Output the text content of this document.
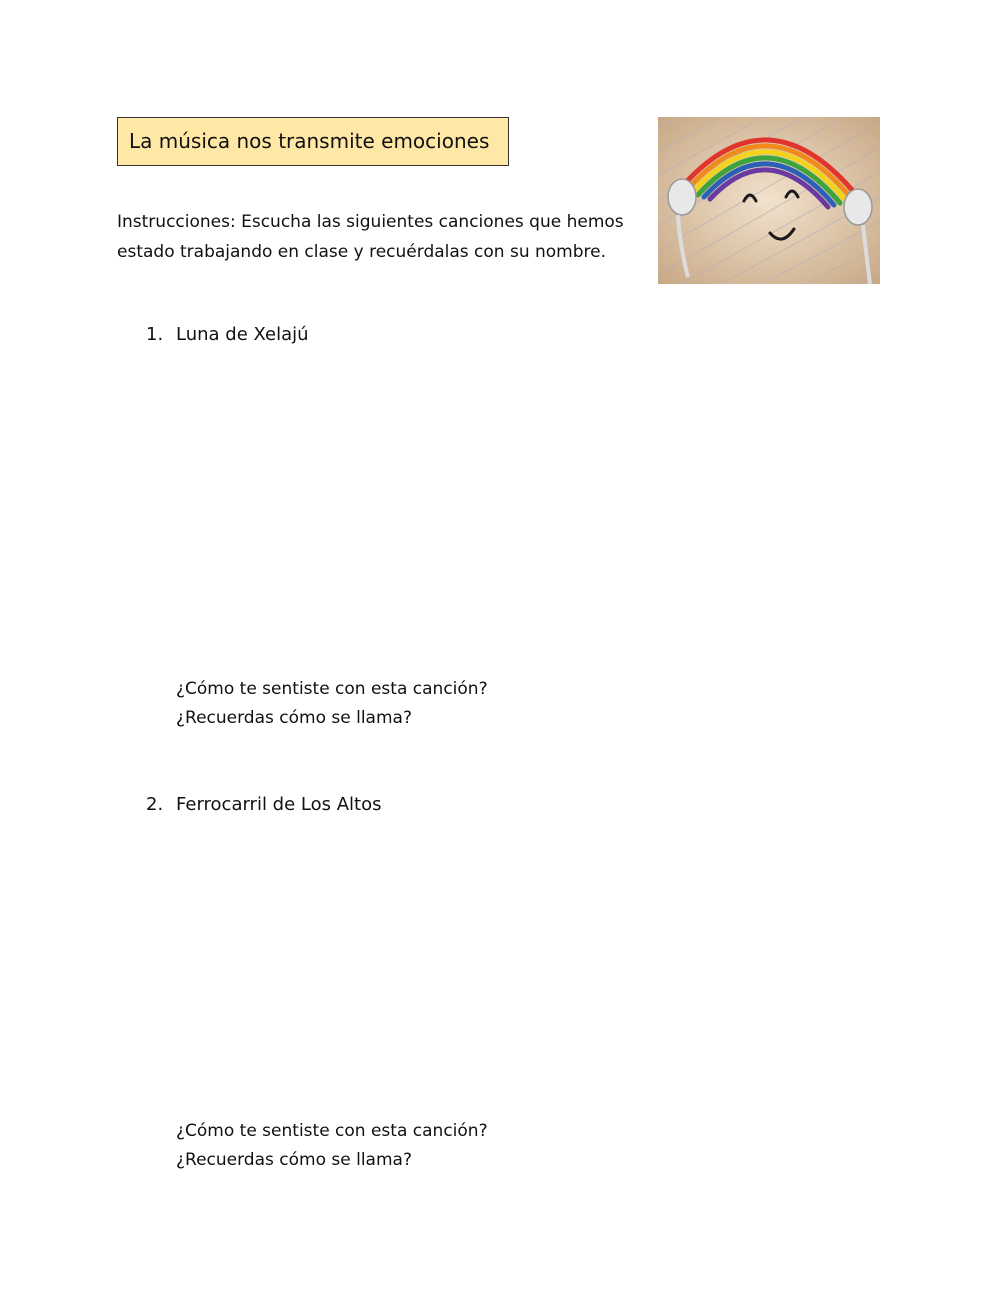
La música nos transmite emociones
Instrucciones: Escucha las siguientes canciones que hemos
estado trabajando en clase y recuérdalas con su nombre.
1. Luna de Xelajú
¿Cómo te sentiste con esta canción?
¿Recuerdas cómo se llama?
2. Ferrocarril de Los Altos
¿Cómo te sentiste con esta canción?
¿Recuerdas cómo se llama?
